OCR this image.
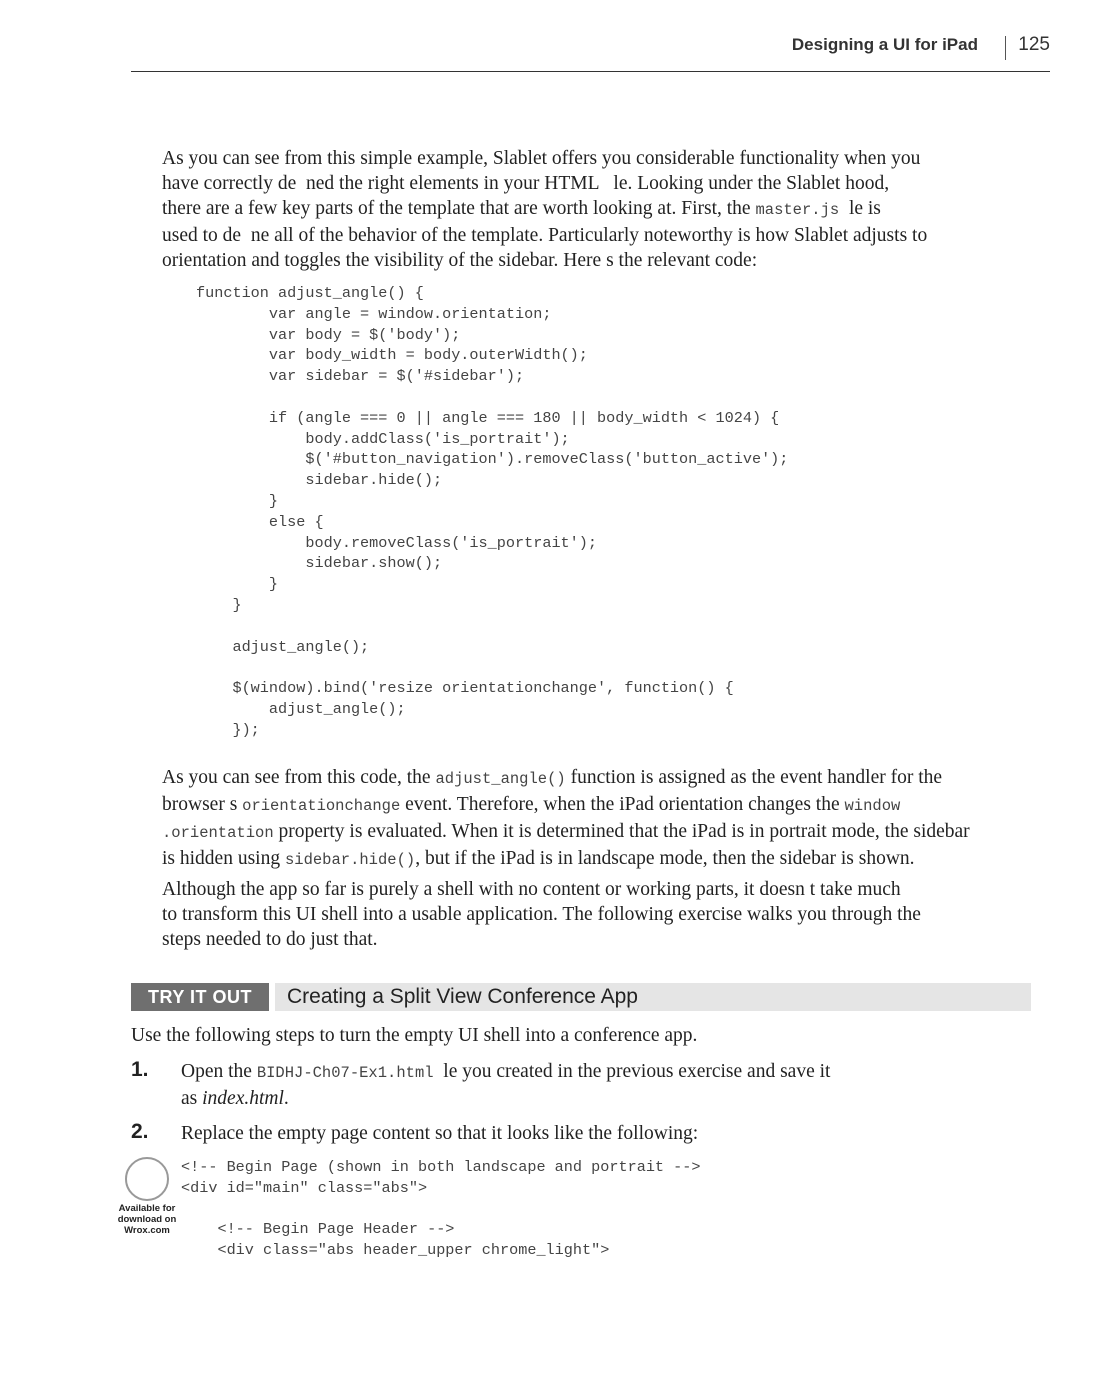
Designing a UI for iPad 125
As you can see from this simple example, Slablet offers you considerable functionality when you
have correctly de  ned the right elements in your HTML   le. Looking under the Slablet hood,
there are a few key parts of the template that are worth looking at. First, the master.js  le is
used to de  ne all of the behavior of the template. Particularly noteworthy is how Slablet adjusts to
orientation and toggles the visibility of the sidebar. Here s the relevant code:
function adjust_angle() {
var angle = window.orientation;
var body = $('body');
var body_width = body.outerWidth();
var sidebar = $('#sidebar');

if (angle === 0 || angle === 180 || body_width < 1024) {
body.addClass('is_portrait');
$('#button_navigation').removeClass('button_active');
sidebar.hide();
}
else {
body.removeClass('is_portrait');
sidebar.show();
}
}

adjust_angle();

$(window).bind('resize orientationchange', function() {
adjust_angle();
});
As you can see from this code, the adjust_angle() function is assigned as the event handler for the
browser s orientationchange event. Therefore, when the iPad orientation changes the window
.orientation property is evaluated. When it is determined that the iPad is in portrait mode, the sidebar
is hidden using sidebar.hide(), but if the iPad is in landscape mode, then the sidebar is shown.
Although the app so far is purely a shell with no content or working parts, it doesn t take much
to transform this UI shell into a usable application. The following exercise walks you through the
steps needed to do just that.
TRY IT OUT	Creating a Split View Conference App
Use the following steps to turn the empty UI shell into a conference app.
1. Open the BIDHJ-Ch07-Ex1.html  le you created in the previous exercise and save it
as index.html.
2. Replace the empty page content so that it looks like the following:
Available for
download on
Wrox.com
<!-- Begin Page (shown in both landscape and portrait -->
<div id="main" class="abs">

<!-- Begin Page Header -->
<div class="abs header_upper chrome_light">
